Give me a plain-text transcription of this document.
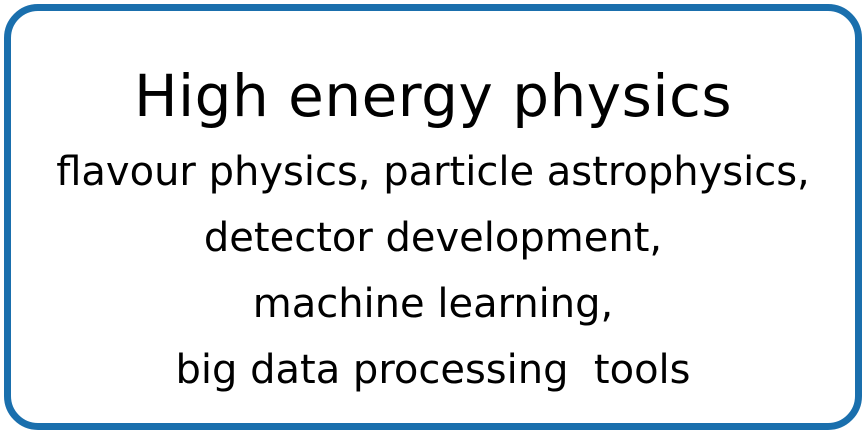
High energy physics
flavour physics, particle astrophysics,
detector development,
machine learning,
big data processing  tools
